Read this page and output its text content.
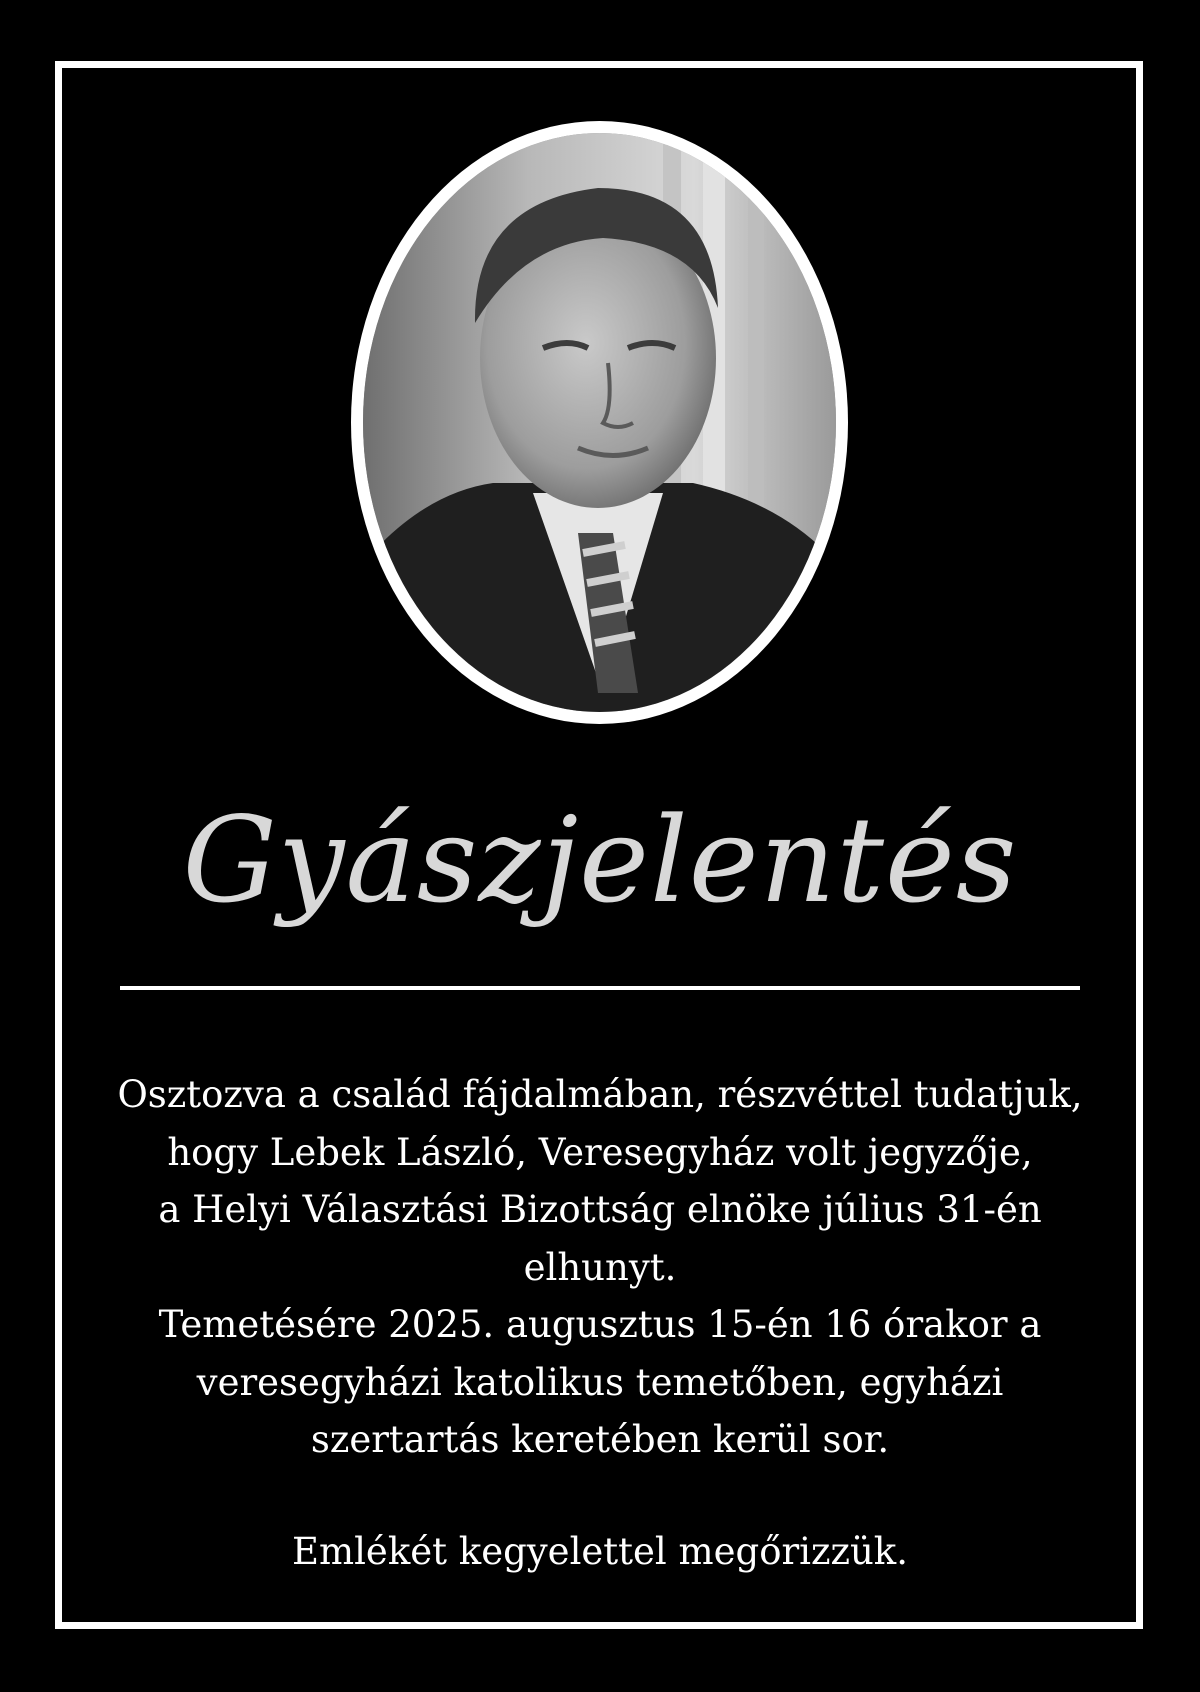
Gyászjelentés
Osztozva a család fájdalmában, részvéttel tudatjuk,
hogy Lebek László, Veresegyház volt jegyzője,
a Helyi Választási Bizottság elnöke július 31-én
elhunyt.
Temetésére 2025. augusztus 15-én 16 órakor a
veresegyházi katolikus temetőben, egyházi
szertartás keretében kerül sor.
Emlékét kegyelettel megőrizzük.
